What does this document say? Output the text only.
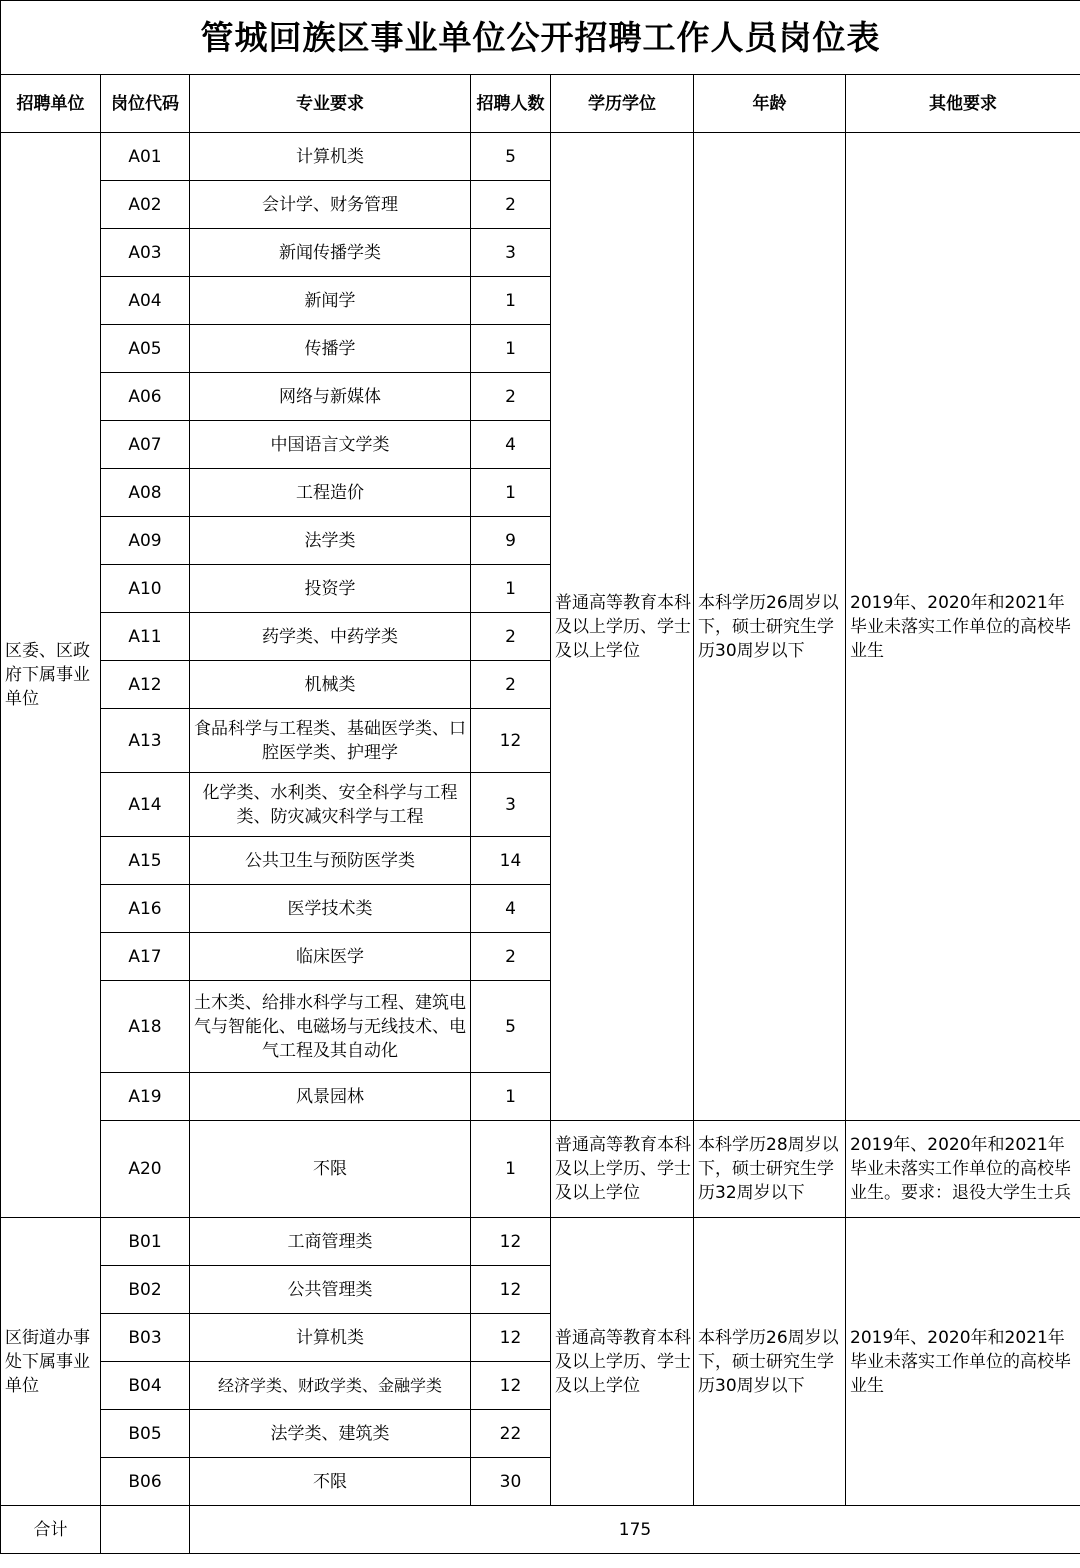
管城回族区事业单位公开招聘工作人员岗位表						
招聘单位	岗位代码	专业要求	招聘人数	学历学位	年龄	其他要求
区委、区政府下属事业单位	A01	计算机类	5	普通高等教育本科及以上学历、学士及以上学位	本科学历26周岁以下，硕士研究生学历30周岁以下	2019年、2020年和2021年毕业未落实工作单位的高校毕业生
	A02	会计学、财务管理	2			
	A03	新闻传播学类	3			
	A04	新闻学	1			
	A05	传播学	1			
	A06	网络与新媒体	2			
	A07	中国语言文学类	4			
	A08	工程造价	1			
	A09	法学类	9			
	A10	投资学	1			
	A11	药学类、中药学类	2			
	A12	机械类	2			
	A13	食品科学与工程类、基础医学类、口腔医学类、护理学	12			
	A14	化学类、水利类、安全科学与工程类、防灾减灾科学与工程	3			
	A15	公共卫生与预防医学类	14			
	A16	医学技术类	4			
	A17	临床医学	2			
	A18	土木类、给排水科学与工程、建筑电气与智能化、电磁场与无线技术、电气工程及其自动化	5			
	A19	风景园林	1			
	A20	不限	1	普通高等教育本科及以上学历、学士及以上学位	本科学历28周岁以下，硕士研究生学历32周岁以下	2019年、2020年和2021年毕业未落实工作单位的高校毕业生。要求：退役大学生士兵
区街道办事处下属事业单位	B01	工商管理类	12	普通高等教育本科及以上学历、学士及以上学位	本科学历26周岁以下，硕士研究生学历30周岁以下	2019年、2020年和2021年毕业未落实工作单位的高校毕业生
	B02	公共管理类	12			
	B03	计算机类	12			
	B04	经济学类、财政学类、金融学类	12			
	B05	法学类、建筑类	22			
	B06	不限	30			
合计		175				
